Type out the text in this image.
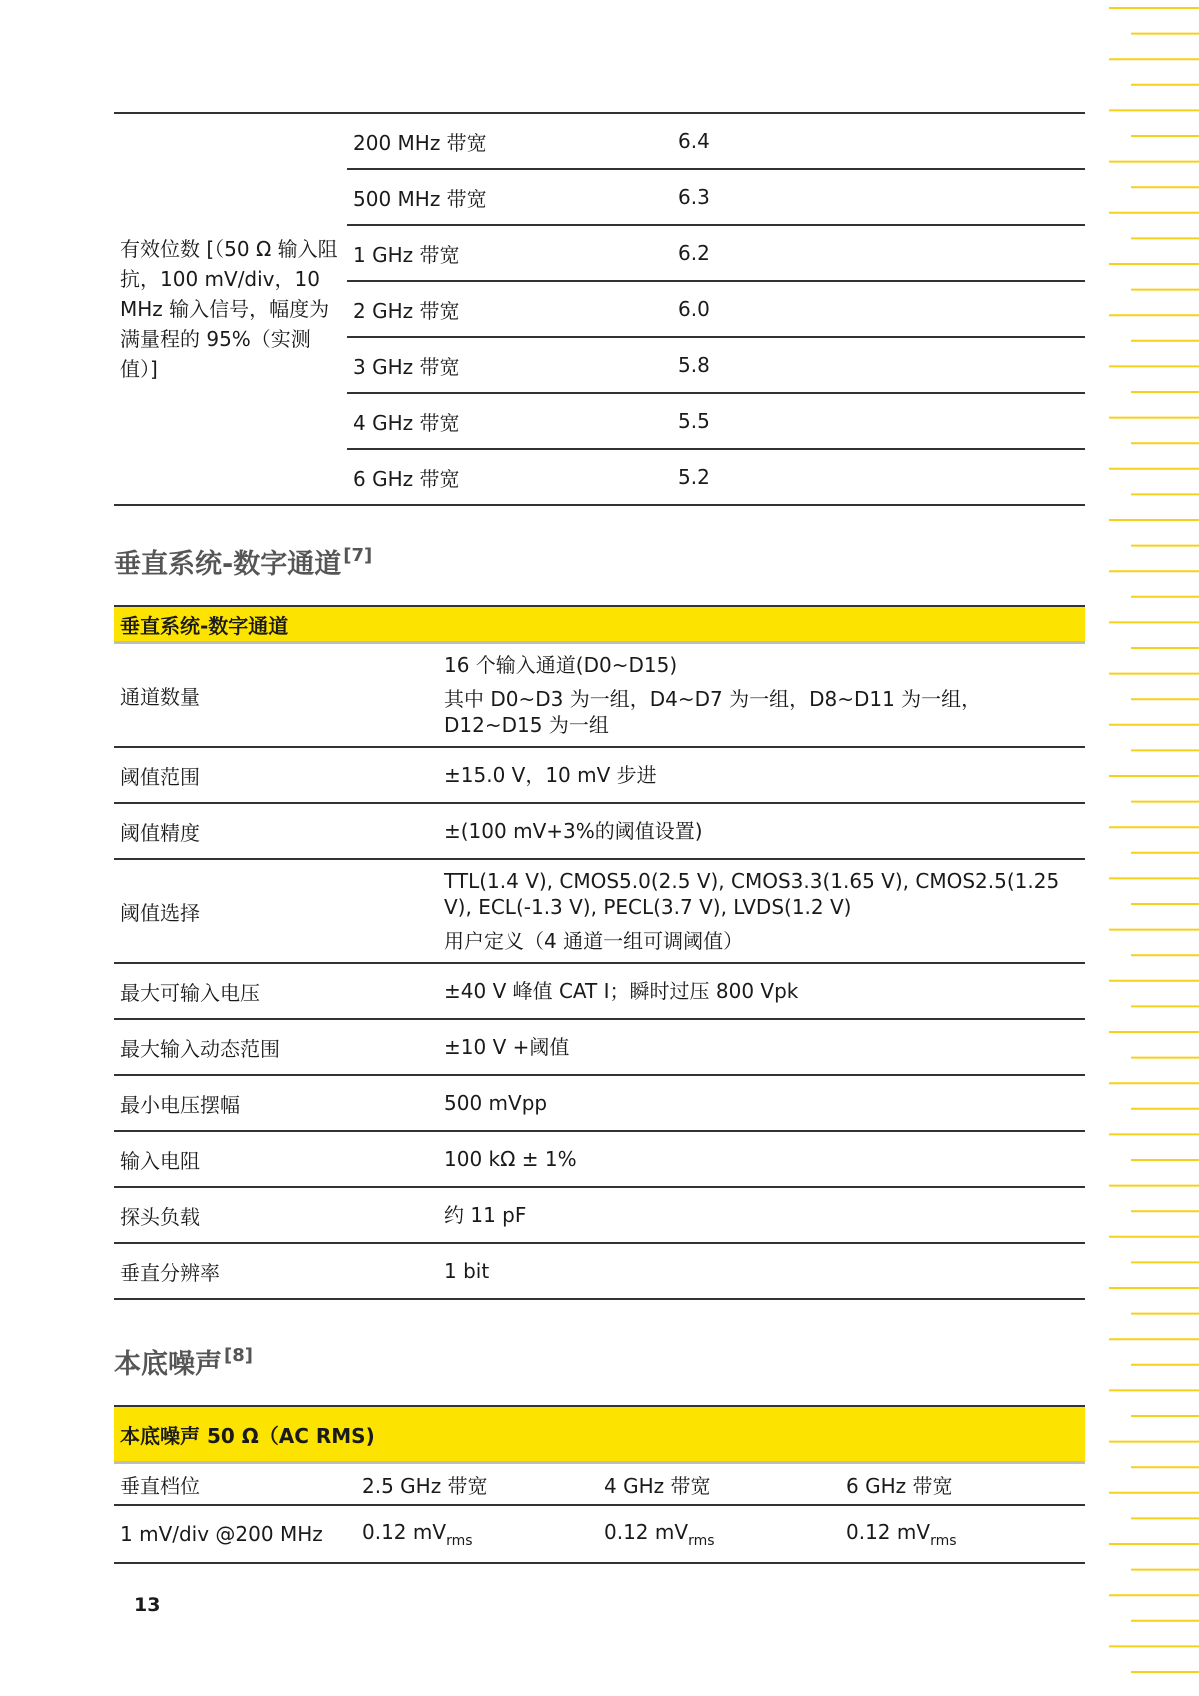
有效位数 [（50 Ω 输入阻抗，100 mV/div，10 MHz 输入信号，幅度为满量程的 95%（实测值）]	200 MHz 带宽	6.4
	500 MHz 带宽	6.3
	1 GHz 带宽	6.2
	2 GHz 带宽	6.0
	3 GHz 带宽	5.8
	4 GHz 带宽	5.5
	6 GHz 带宽	5.2
垂直系统-数字通道 [7]
垂直系统-数字通道	
通道数量	16 个输入通道(D0~D15)
其中 D0~D3 为一组，D4~D7 为一组，D8~D11 为一组，D12~D15 为一组

阈值范围	±15.0 V，10 mV 步进

阈值精度	±(100 mV+3%的阈值设置)

阈值选择	TTL(1.4 V), CMOS5.0(2.5 V), CMOS3.3(1.65 V), CMOS2.5(1.25 V), ECL(-1.3 V), PECL(3.7 V), LVDS(1.2 V)
用户定义（4 通道一组可调阈值）

最大可输入电压	±40 V 峰值 CAT I；瞬时过压 800 Vpk

最大输入动态范围	±10 V +阈值

最小电压摆幅	500 mVpp

输入电阻	100 kΩ ± 1%

探头负载	约 11 pF

垂直分辨率	1 bit
本底噪声 [8]
本底噪声 50 Ω（AC RMS)			
垂直档位	2.5 GHz 带宽	4 GHz 带宽	6 GHz 带宽
1 mV/div @200 MHz	0.12 $mV_{rms}$	0.12 $mV_{rms}$	0.12 $mV_{rms}$
13
